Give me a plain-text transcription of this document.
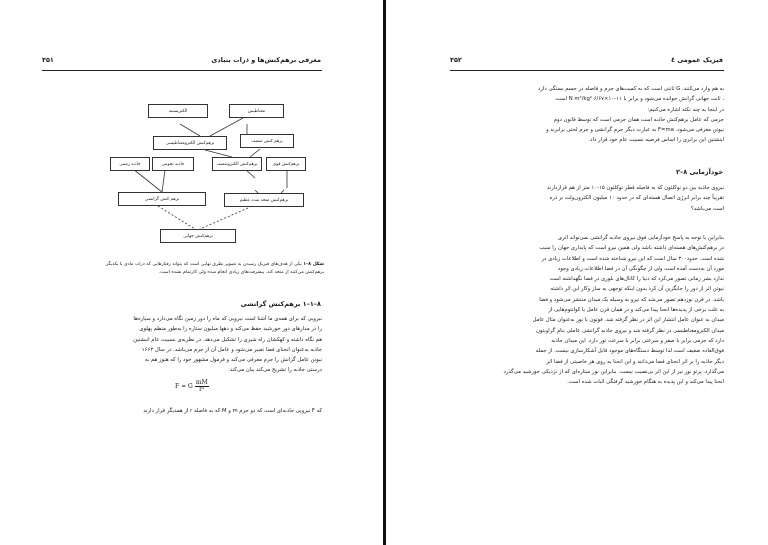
۳۵۱	معرفی برهم‌کنش‌ها و ذرات بنیادی
الکتریسیته	مغناطیس
برهم‌کنش الکترومغناطیسی	برهم کنش ضعیف
جاذبه زمینی	جاذبه نجومی	برهم‌کنش الکتروضعیف	برهم‌کنش قوی
برهم کنش گرانشی	برهم‌کنش متحد شده عظیم
برهم‌کنش جهانی
شکل ۸–۱ یکی از هدف‌های فیزیک رسیدن به تصویر نظری نهایی است که بتواند رفتارهایی که ذرات مادی با یکدیگر برهم‌کنش می‌کنند از متحد کند. پیشرفت‌های زیادی انجام شده ولی کارتمام نشده است.
۸–۱–۱ برهم‌کنش گرانشی
نیرویی که برای همه‌ی ما آشنا است نیرویی که ماه را دور زمین نگاه می‌دارد و سیاره‌ها
را در مدارهای دور خورشید حفظ می‌کند و دهها میلیون ستاره را به‌طور منظم پهلوی
هم نگاه داشته و کهکشان راه شیری را تشکیل می‌دهد. در نظریه‌ی نسبیت عام انیشتین
جاذبه به‌عنوان انحنای فضا تعبیر می‌شود و عامل آن از جرم می‌باشد. در سال ۱۶۶۳
نیوتن عامل گرانش را جرم معرفی می‌کند و فرمول مشهور خود را که هنوز هم به
درستی جاذبه را تشریح می‌کند بیان می‌کند:
F = G $\frac{mM}{\text{r²}}$
که F نیرویی جاذبه‌ای است که دو جرم m و M که به فاصله r از همدیگر قرار دارند
۳۵۲	فیزیک عمومی ٤
به هم وارد می‌کنند. G ثابتی است که به کمیت‌های جرم و فاصله در جسم بستگی دارد
، ثابت جهانی گرانش خوانده می‌شود و برابر با ۱۱-۱۰×۶/۶۷ N m²/kg² است.
در اینجا به چند نکته اشاره می‌کنیم:
جرمی که عامل برهم‌کنش جاذبه است همان جرمی است که توسط قانون دوم
نیوتن معرفی می‌شود. F=ma به عبارت دیگر جرم گرانشی و جرم لختی برابرند و
اینشتین این برابری را اساس فرضیه نسبیت عام خود قرار داد.
خودآزمایی ۸–۲
نیروی جاذبه بین دو نوکلئون که به فاصله قطر نوکلئون ۱۵-۱۰ متر از هم قراردارند
تقریباً چند برابر انرژی اتصال هسته‌ای که در حدود ۱۰ میلیون الکترون‌ولت بر ذره
است می‌باشد؟
بنابراین با توجه به پاسخ خودآزمایی فوق نیروی جاذبه گرانشی نمی‌تواند اثری
در برهم‌کنش‌های هسته‌ای داشته باشد ولی همین نیرو است که پایداری جهان را سبب
شده است. حدود۳۰۰ سال است که این نیرو شناخته شده است و اطلاعات زیادی در
مورد آن به‌دست آمده است ولی از چگونگی آن در فضا اطلاعات زیادی وجود
ندارد بشر زمانی تصور می‌کرد که دنیا را کانال‌های بلوری در فضا نگهداشته است
نیوتن اثر از دور را جایگزین آن کرد بدون اینکه توجهی به ساز وکار این اثر داشته
باشد. در قرن نوزدهم تصور می‌شد که نیرو به وسیله یک میدان منتشر می‌شود و فضا
به علت برخی از پدیده‌ها انحنا پیدا می‌کند و در همان قرن عامل یا کوانتوم‌هایی از
میدان به عنوان عامل انتشار این اثر در نظر گرفته شد. فوتون یا نور به‌عنوان مثال عامل
میدان الکترومغناطیسی در نظر گرفته شد و نیروی جاذبه گرانشی عاملی بنام گراویتون
دارد که جرمی برابر با صفر و سرعتی برابر با سرعت نور دارد. این میدان جاذبه
فوق‌العاده ضعیف است لذا توسط دستگاه‌های موجود قابل آشکارسازی نیست. از جمله
دیگر جاذبه را بر اثر انحنای فضا می‌دانند و این انحنا به روی هر خاصیتی از فضا اثر
می‌گذارد. پرتو نور نیز از این اثر بی‌نصیب نیست. بنابراین نور ستاره‌ای که از نزدیکی خورشید می‌گذرد
انحنا پیدا می‌کند و این پدیده به هنگام خورشید گرفتگی اثبات شده است.
